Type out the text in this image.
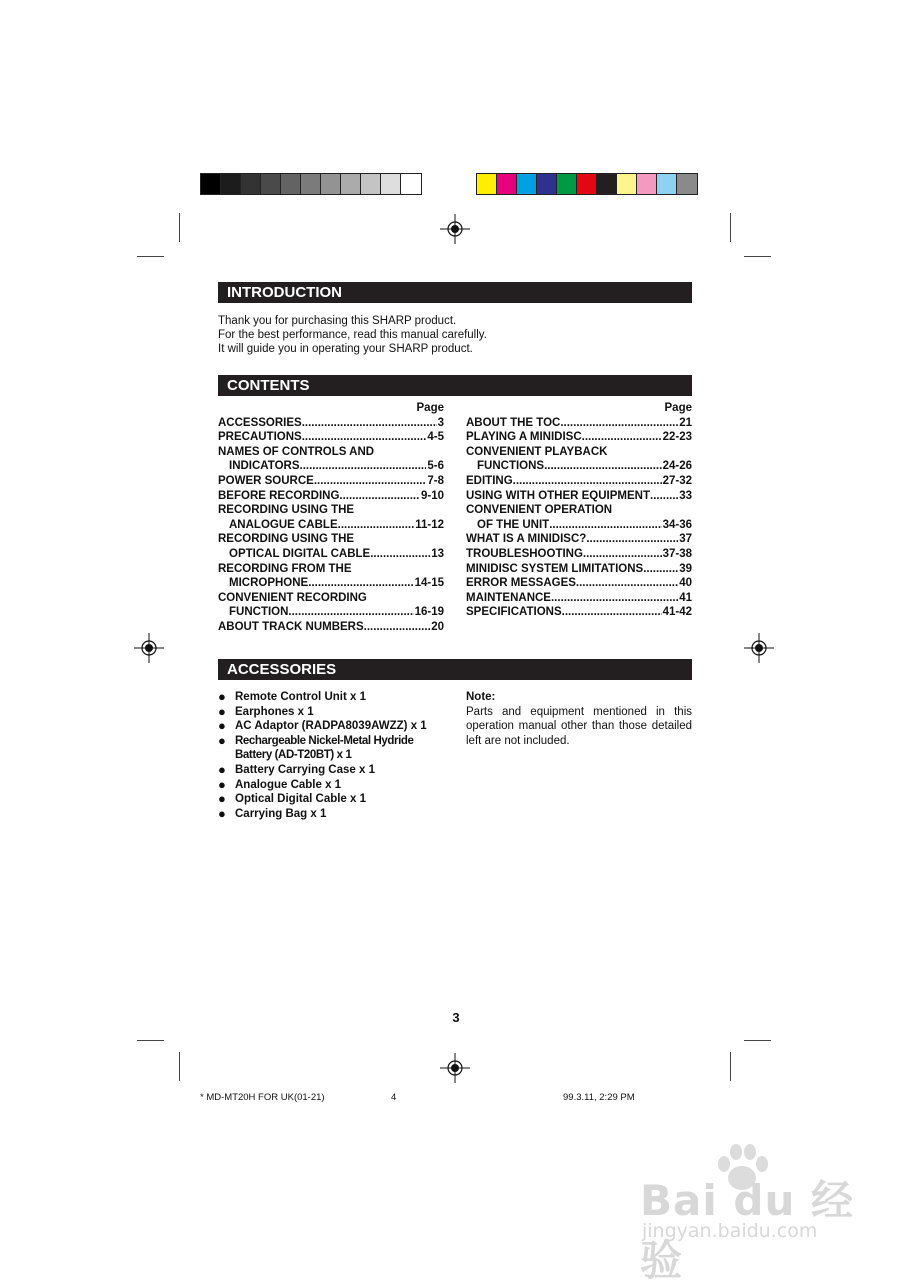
INTRODUCTION
Thank you for purchasing this SHARP product.
For the best performance, read this manual carefully.
It will guide you in operating your SHARP product.
CONTENTS
Page
ACCESSORIES .....	3
PRECAUTIONS .....	4-5
NAMES OF CONTROLS AND
INDICATORS .....	5-6
POWER SOURCE .....	7-8
BEFORE RECORDING .....	9-10
RECORDING USING THE
ANALOGUE CABLE .....	11-12
RECORDING USING THE
OPTICAL DIGITAL CABLE .....	13
RECORDING FROM THE
MICROPHONE .....	14-15
CONVENIENT RECORDING
FUNCTION .....	16-19
ABOUT TRACK NUMBERS .....	20
Page
ABOUT THE TOC .....	21
PLAYING A MINIDISC .....	22-23
CONVENIENT PLAYBACK
FUNCTIONS .....	24-26
EDITING .....	27-32
USING WITH OTHER EQUIPMENT .....	33
CONVENIENT OPERATION
OF THE UNIT .....	34-36
WHAT IS A MINIDISC? .....	37
TROUBLESHOOTING .....	37-38
MINIDISC SYSTEM LIMITATIONS .....	39
ERROR MESSAGES .....	40
MAINTENANCE .....	41
SPECIFICATIONS .....	41-42
ACCESSORIES
● Remote Control Unit x 1
● Earphones x 1
● AC Adaptor (RADPA8039AWZZ) x 1
● Rechargeable Nickel-Metal Hydride
Battery (AD-T20BT) x 1
● Battery Carrying Case x 1
● Analogue Cable x 1
● Optical Digital Cable x 1
● Carrying Bag x 1
Note:
Parts and equipment mentioned in this operation manual other than those detailed left are not included.
3
* MD-MT20H FOR UK(01-21)	4	99.3.11, 2:29 PM
Bai du 经验
jingyan.baidu.com
